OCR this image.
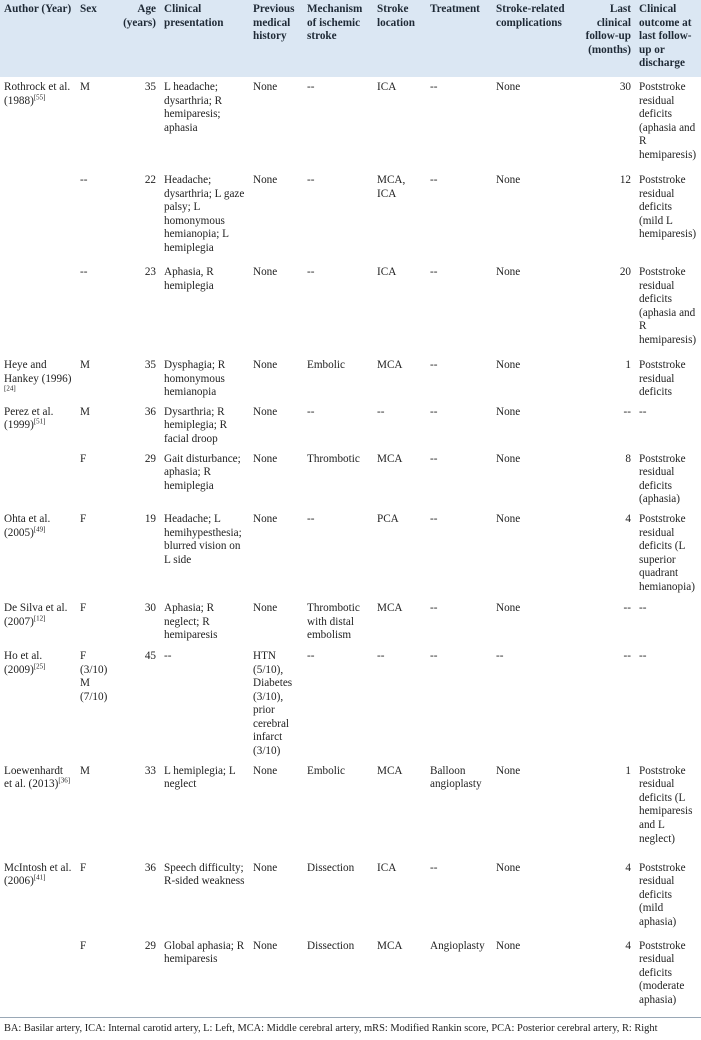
Author (Year)	Sex	Age (years)	Clinical presentation	Previous medical history	Mechanism of ischemic stroke	Stroke location	Treatment	Stroke-related complications	Last clinical follow-up (months)	Clinical outcome at last follow-up or discharge
Rothrock et al. (1988)[55]	M	35	L headache; dysarthria; R hemiparesis; aphasia	None	--	ICA	--	None	30	Poststroke residual deficits (aphasia and R hemiparesis)
	--	22	Headache; dysarthria; L gaze palsy; L homonymous hemianopia; L hemiplegia	None	--	MCA, ICA	--	None	12	Poststroke residual deficits (mild L hemiparesis)
	--	23	Aphasia, R hemiplegia	None	--	ICA	--	None	20	Poststroke residual deficits (aphasia and R hemiparesis)
Heye and Hankey (1996)[24]	M	35	Dysphagia; R homonymous hemianopia	None	Embolic	MCA	--	None	1	Poststroke residual deficits
Perez et al. (1999)[51]	M	36	Dysarthria; R hemiplegia; R facial droop	None	--	--	--	None	--	--
	F	29	Gait disturbance; aphasia; R hemiplegia	None	Thrombotic	MCA	--	None	8	Poststroke residual deficits (aphasia)
Ohta et al. (2005)[49]	F	19	Headache; L hemihypesthesia; blurred vision on L side	None	--	PCA	--	None	4	Poststroke residual deficits (L superior quadrant hemianopia)
De Silva et al. (2007)[12]	F	30	Aphasia; R neglect; R hemiparesis	None	Thrombotic with distal embolism	MCA	--	None	--	--
Ho et al. (2009)[25]	F (3/10) M (7/10)	45	--	HTN (5/10), Diabetes (3/10), prior cerebral infarct (3/10)	--	--	--	--	--	--
Loewenhardt et al. (2013)[36]	M	33	L hemiplegia; L neglect	None	Embolic	MCA	Balloon angioplasty	None	1	Poststroke residual deficits (L hemiparesis and L neglect)
McIntosh et al. (2006)[41]	F	36	Speech difficulty; R-sided weakness	None	Dissection	ICA	--	None	4	Poststroke residual deficits (mild aphasia)
	F	29	Global aphasia; R hemiparesis	None	Dissection	MCA	Angioplasty	None	4	Poststroke residual deficits (moderate aphasia)
BA: Basilar artery, ICA: Internal carotid artery, L: Left, MCA: Middle cerebral artery, mRS: Modified Rankin score, PCA: Posterior cerebral artery, R: Right
